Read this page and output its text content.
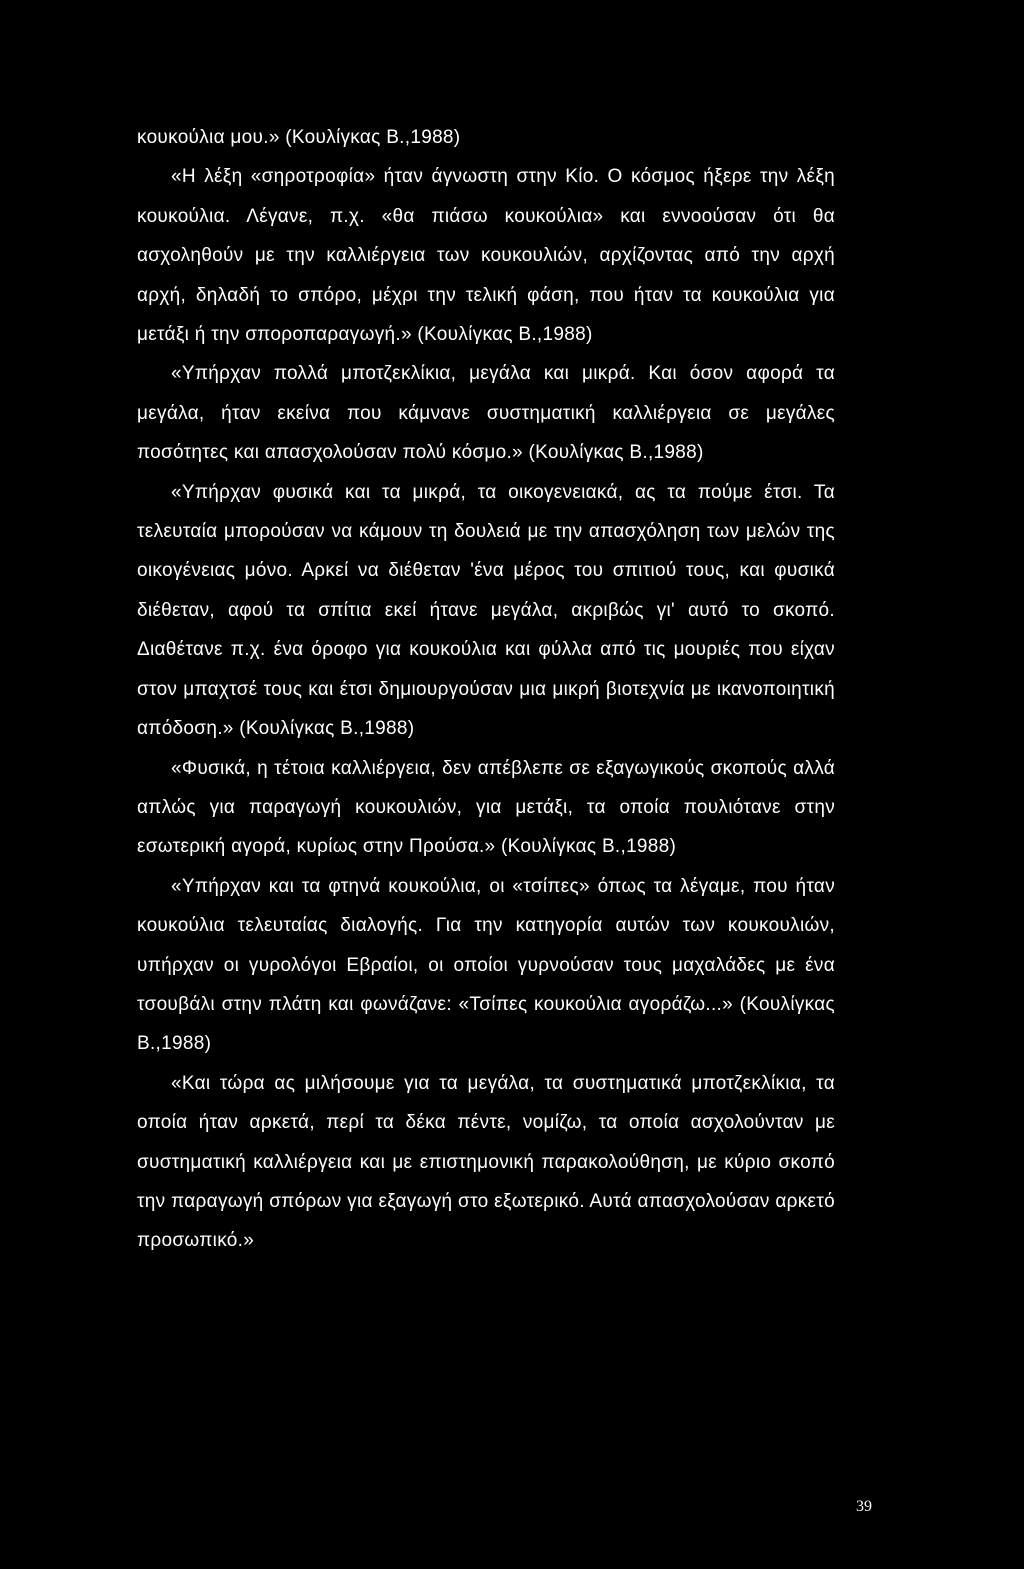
κουκούλια μου.» (Κουλίγκας Β.,1988)

«Η λέξη «σηροτροφία» ήταν άγνωστη στην Κίο. Ο κόσμος ήξερε την λέξη κουκούλια. Λέγανε, π.χ. «θα πιάσω κουκούλια» και εννοούσαν ότι θα ασχοληθούν με την καλλιέργεια των κουκουλιών, αρχίζοντας από την αρχή αρχή, δηλαδή το σπόρο, μέχρι την τελική φάση, που ήταν τα κουκούλια για μετάξι ή την σποροπαραγωγή.» (Κουλίγκας Β.,1988)

«Υπήρχαν πολλά μποτζεκλίκια, μεγάλα και μικρά. Και όσον αφορά τα μεγάλα, ήταν εκείνα που κάμνανε συστηματική καλλιέργεια σε μεγάλες ποσότητες και απασχολούσαν πολύ κόσμο.» (Κουλίγκας Β.,1988)

«Υπήρχαν φυσικά και τα μικρά, τα οικογενειακά, ας τα πούμε έτσι. Τα τελευταία μπορούσαν να κάμουν τη δουλειά με την απασχόληση των μελών της οικογένειας μόνο. Αρκεί να διέθεταν 'ένα μέρος του σπιτιού τους, και φυσικά διέθεταν, αφού τα σπίτια εκεί ήτανε μεγάλα, ακριβώς γι' αυτό το σκοπό. Διαθέτανε π.χ. ένα όροφο για κουκούλια και φύλλα από τις μουριές που είχαν στον μπαχτσέ τους και έτσι δημιουργούσαν μια μικρή βιοτεχνία με ικανοποιητική απόδοση.» (Κουλίγκας Β.,1988)

«Φυσικά, η τέτοια καλλιέργεια, δεν απέβλεπε σε εξαγωγικούς σκοπούς αλλά απλώς για παραγωγή κουκουλιών, για μετάξι, τα οποία πουλιότανε στην εσωτερική αγορά, κυρίως στην Προύσα.» (Κουλίγκας Β.,1988)

«Υπήρχαν και τα φτηνά κουκούλια, οι «τσίπες» όπως τα λέγαμε, που ήταν κουκούλια τελευταίας διαλογής. Για την κατηγορία αυτών των κουκουλιών, υπήρχαν οι γυρολόγοι Εβραίοι, οι οποίοι γυρνούσαν τους μαχαλάδες με ένα τσουβάλι στην πλάτη και φωνάζανε: «Τσίπες κουκούλια αγοράζω...» (Κουλίγκας Β.,1988)

«Και τώρα ας μιλήσουμε για τα μεγάλα, τα συστηματικά μποτζεκλίκια, τα οποία ήταν αρκετά, περί τα δέκα πέντε, νομίζω, τα οποία ασχολούνταν με συστηματική καλλιέργεια και με επιστημονική παρακολούθηση, με κύριο σκοπό την παραγωγή σπόρων για εξαγωγή στο εξωτερικό. Αυτά απασχολούσαν αρκετό προσωπικό.»

39
